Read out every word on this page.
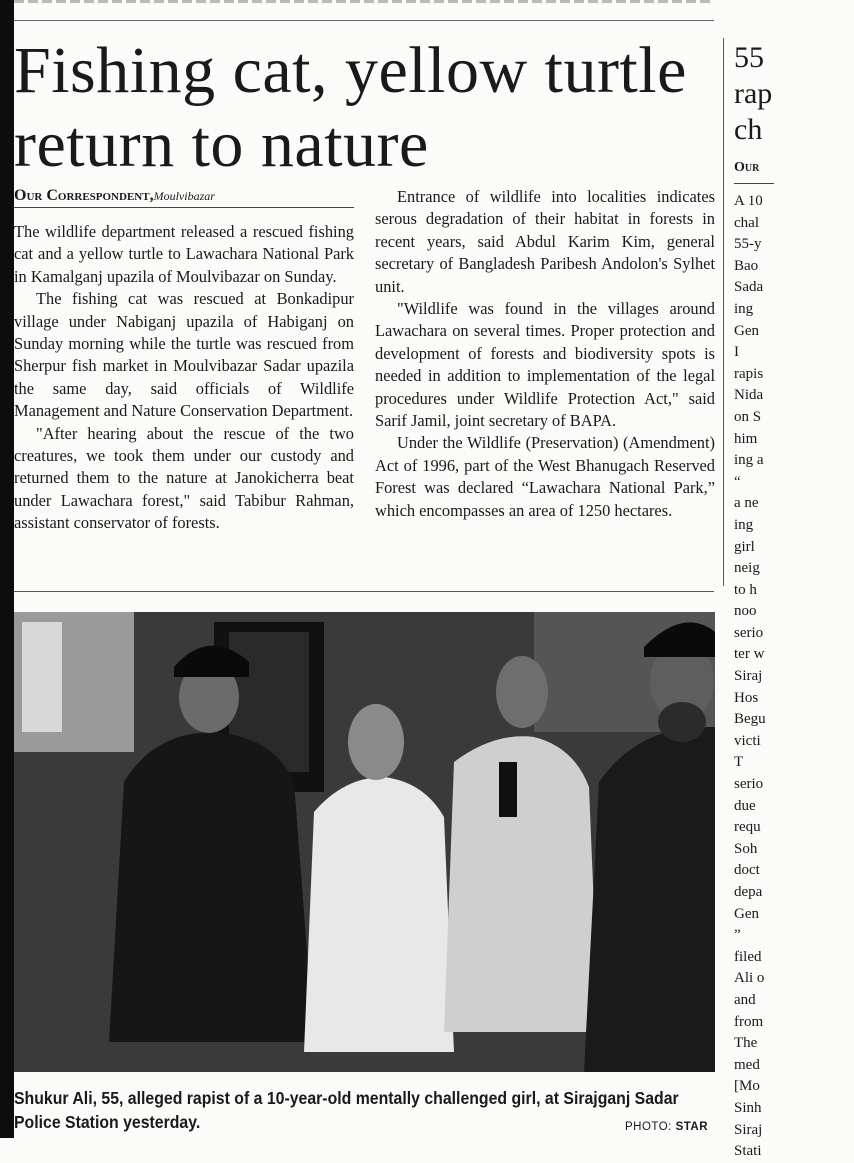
Fishing cat, yellow turtle return to nature
Our Correspondent,Moulvibazar

The wildlife department released a rescued fishing cat and a yellow turtle to Lawachara National Park in Kamalganj upazila of Moulvibazar on Sunday.

The fishing cat was rescued at Bonkadipur village under Nabiganj upazila of Habiganj on Sunday morning while the turtle was rescued from Sherpur fish market in Moulvibazar Sadar upazila the same day, said officials of Wildlife Management and Nature Conservation Department.

"After hearing about the rescue of the two creatures, we took them under our custody and returned them to the nature at Janokicherra beat under Lawachara forest," said Tabibur Rahman, assistant conservator of forests.

Entrance of wildlife into localities indicates serous degradation of their habitat in forests in recent years, said Abdul Karim Kim, general secretary of Bangladesh Paribesh Andolon's Sylhet unit.

"Wildlife was found in the villages around Lawachara on several times. Proper protection and development of forests and biodiversity spots is needed in addition to implementation of the legal procedures under Wildlife Protection Act," said Sarif Jamil, joint secretary of BAPA.

Under the Wildlife (Preservation) (Amendment) Act of 1996, part of the West Bhanugach Reserved Forest was declared “Lawachara National Park,” which encompasses an area of 1250 hectares.

55
rap
ch
Our
A 10
chal
55-y
Bao
Sada
ing
Gen
I
rapis
Nida
on S
him
ing a
“
a ne
ing
girl
neig
to h
noo
serio
ter w
Siraj
Hos
Begu
victi
T
serio
due
requ
Soh
doct
depa
Gen
”
filed
Ali o
and
from
The
med
[Mo
Sinh
Siraj
Stati
Shukur Ali, 55, alleged rapist of a 10-year-old mentally challenged girl, at Sirajganj Sadar Police Station yesterday.	PHOTO: STAR
